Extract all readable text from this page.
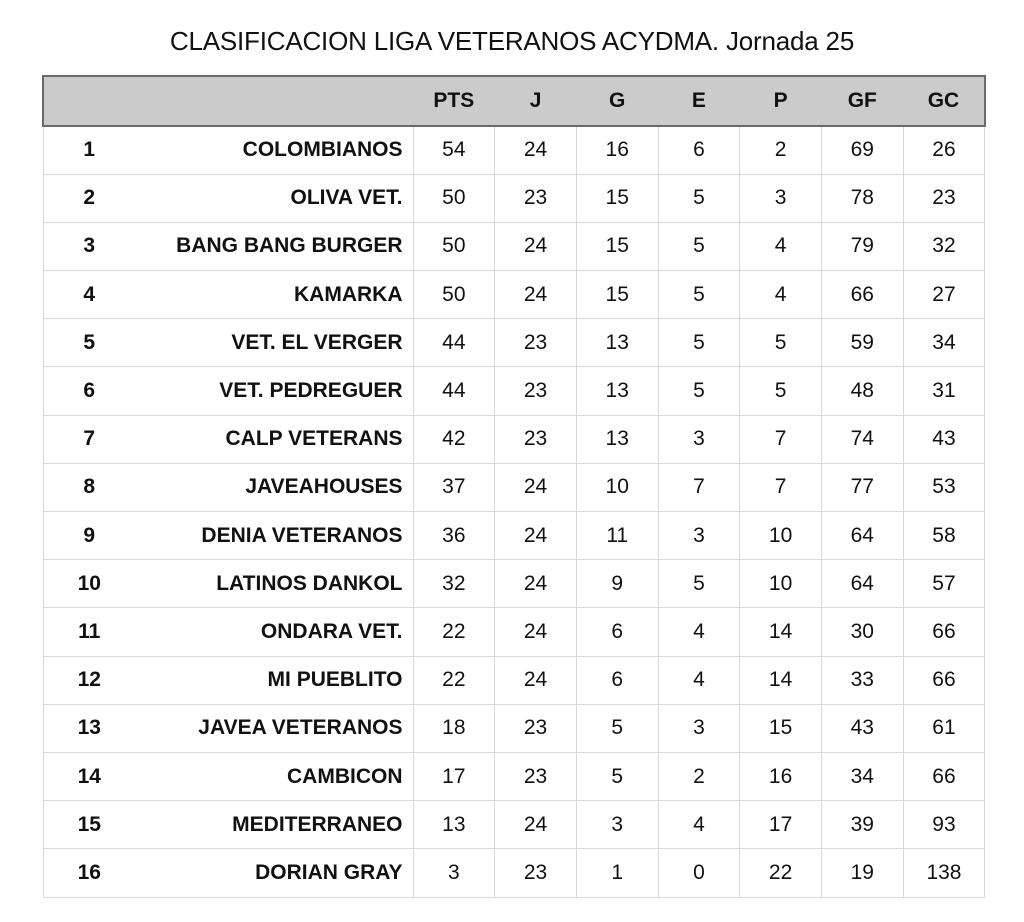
CLASIFICACION LIGA VETERANOS ACYDMA. Jornada 25
		PTS	J	G	E	P	GF	GC
1	COLOMBIANOS	54	24	16	6	2	69	26
2	OLIVA VET.	50	23	15	5	3	78	23
3	BANG BANG BURGER	50	24	15	5	4	79	32
4	KAMARKA	50	24	15	5	4	66	27
5	VET. EL VERGER	44	23	13	5	5	59	34
6	VET. PEDREGUER	44	23	13	5	5	48	31
7	CALP VETERANS	42	23	13	3	7	74	43
8	JAVEAHOUSES	37	24	10	7	7	77	53
9	DENIA VETERANOS	36	24	11	3	10	64	58
10	LATINOS DANKOL	32	24	9	5	10	64	57
11	ONDARA VET.	22	24	6	4	14	30	66
12	MI PUEBLITO	22	24	6	4	14	33	66
13	JAVEA VETERANOS	18	23	5	3	15	43	61
14	CAMBICON	17	23	5	2	16	34	66
15	MEDITERRANEO	13	24	3	4	17	39	93
16	DORIAN GRAY	3	23	1	0	22	19	138
